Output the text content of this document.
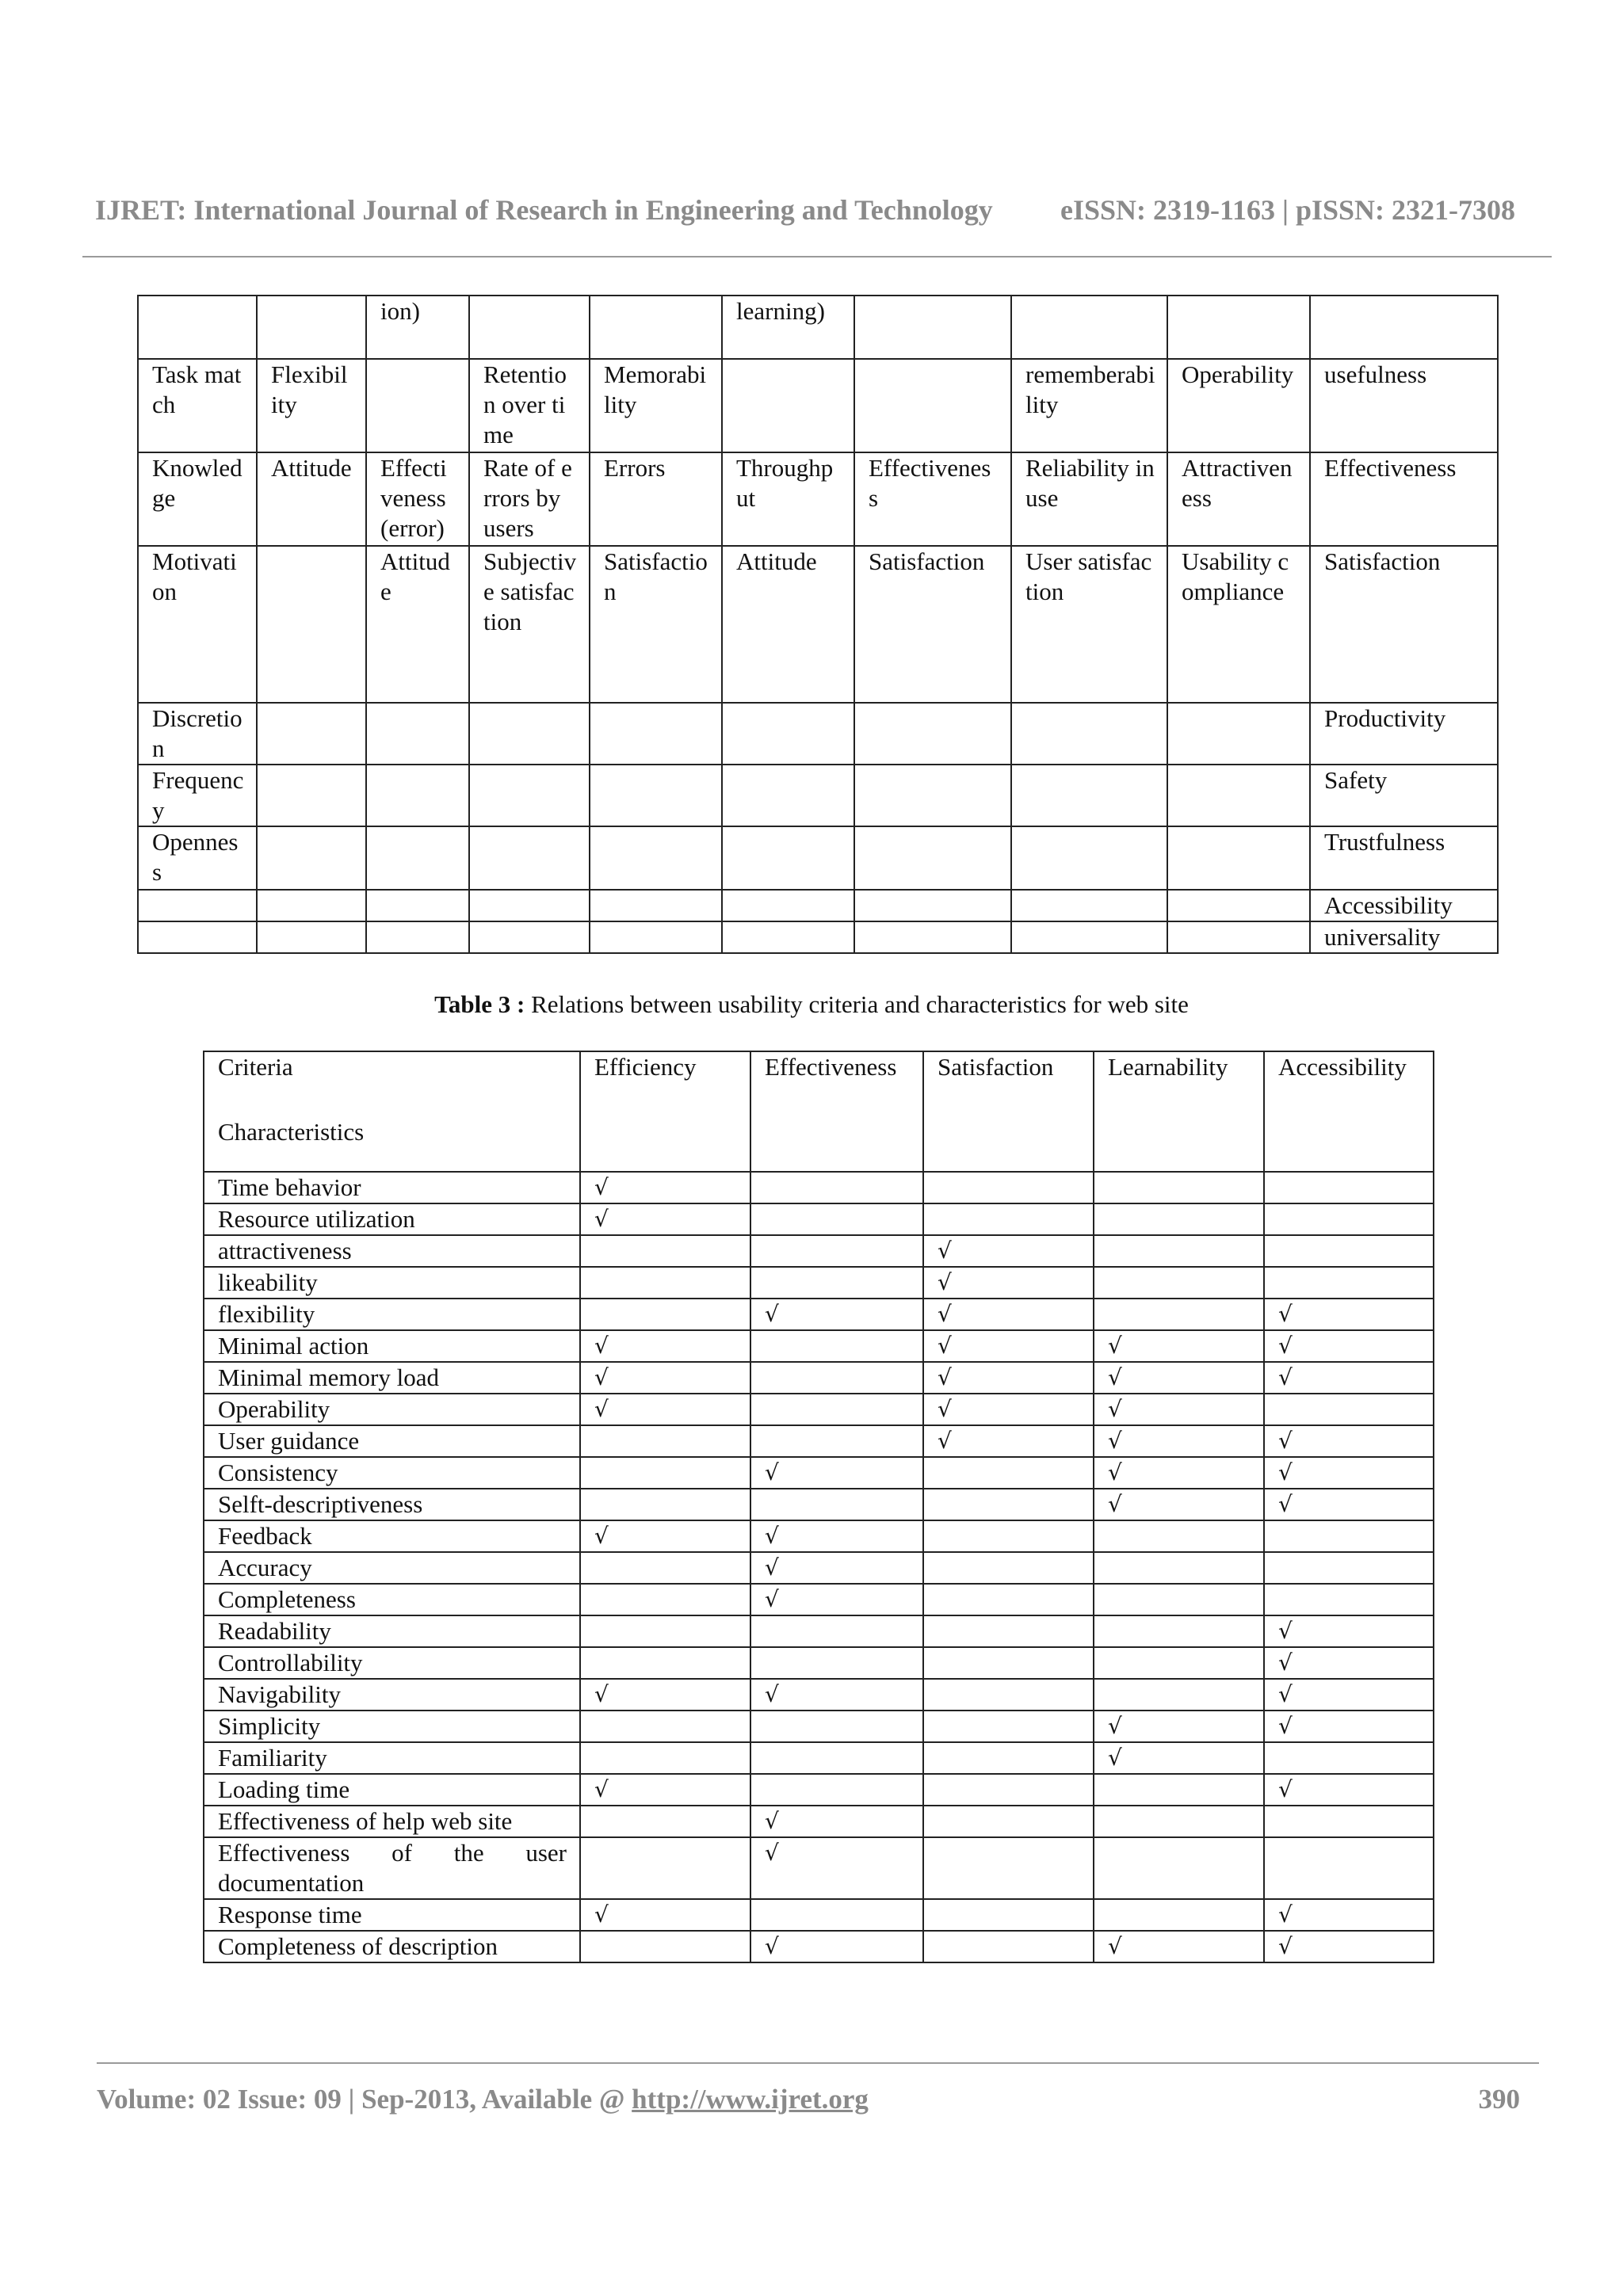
IJRET: International Journal of Research in Engineering and Technology eISSN: 2319-1163 | pISSN: 2321-7308
		ion)			learning)				
Task match	Flexibility		Retention over time	Memorability			rememberability	Operability	usefulness
Knowledge	Attitude	Effectiveness (error)	Rate of errors by users	Errors	Throughput	Effectiveness	Reliability in use	Attractiveness	Effectiveness
Motivation		Attitude	Subjective satisfaction	Satisfaction	Attitude	Satisfaction	User satisfaction	Usability compliance	Satisfaction
Discretion									Productivity
Frequency									Safety
Openness									Trustfulness
									Accessibility
									universality
Table 3 : Relations between usability criteria and characteristics for web site
Criteria
Characteristics	Efficiency	Effectiveness	Satisfaction	Learnability	Accessibility
Time behavior	√				
Resource utilization	√				
attractiveness			√		
likeability			√		
flexibility		√	√		√
Minimal action	√		√	√	√
Minimal memory load	√		√	√	√
Operability	√		√	√	
User guidance			√	√	√
Consistency		√		√	√
Selft-descriptiveness				√	√
Feedback	√	√			
Accuracy		√			
Completeness		√			
Readability					√
Controllability					√
Navigability	√	√			√
Simplicity				√	√
Familiarity				√	
Loading time	√				√
Effectiveness of help web site		√			
Effectiveness of the user documentation		√			
Response time	√				√
Completeness of description		√		√	√
Volume: 02 Issue: 09 | Sep-2013, Available @ http://www.ijret.org	390
